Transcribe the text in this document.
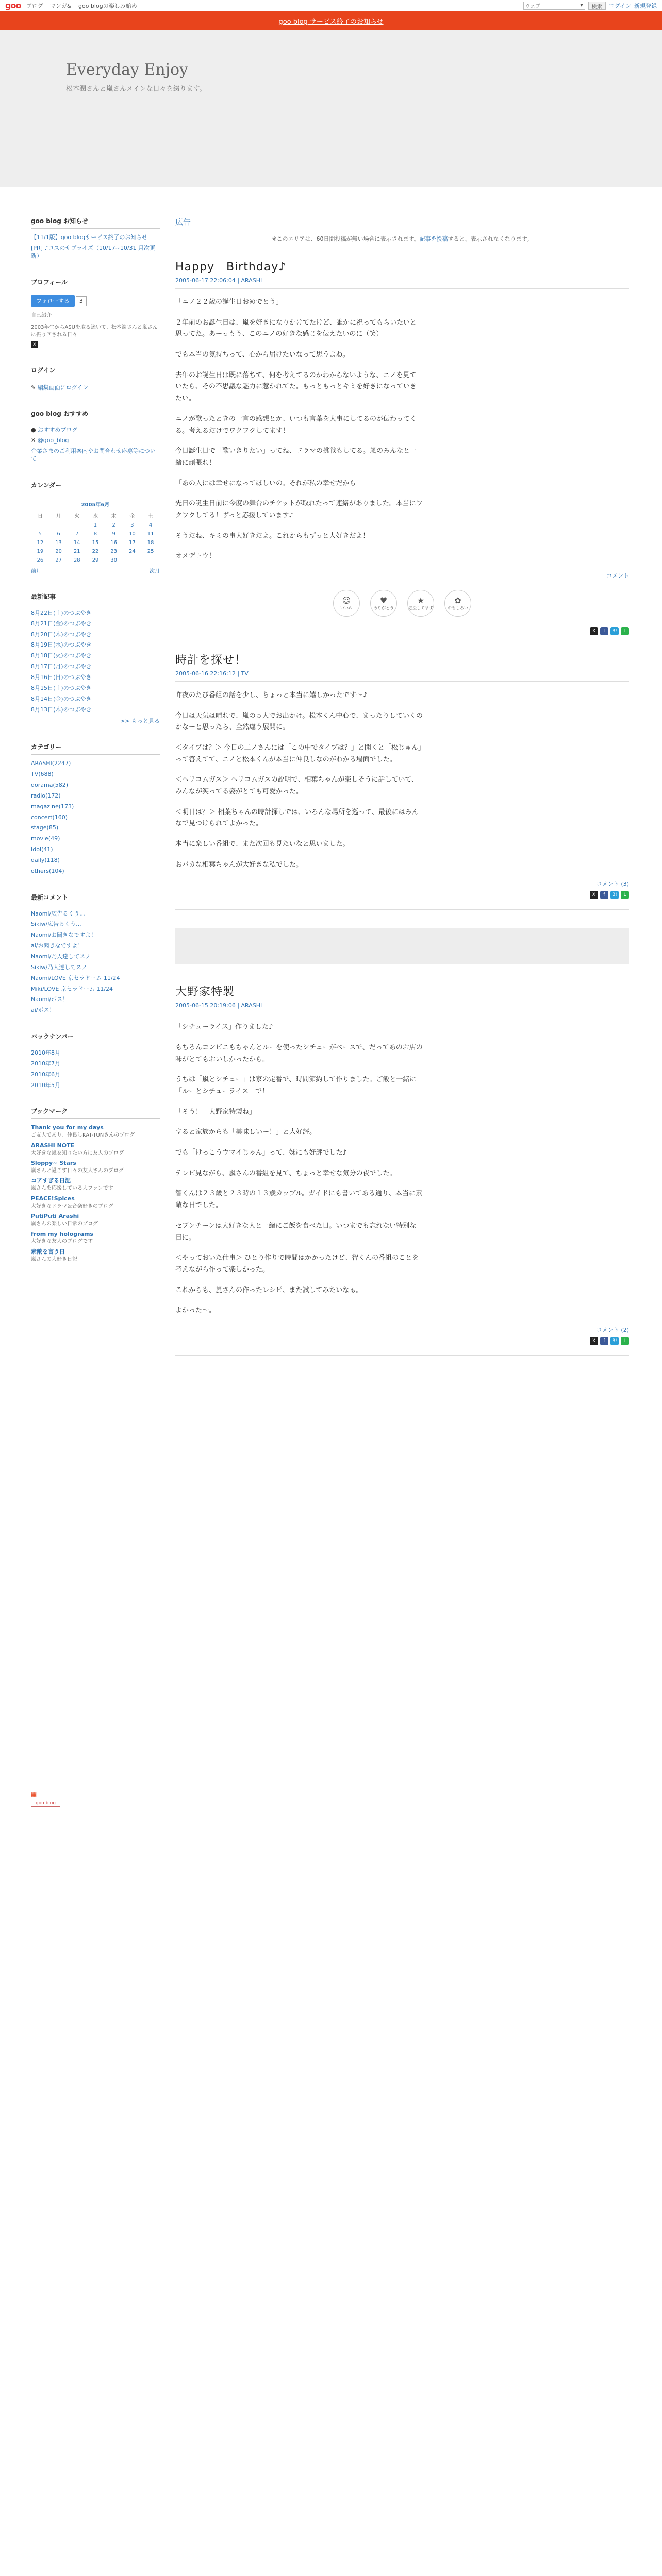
goo ブログ マンガ& goo blogの楽しみ始め	ウェブ	▾	検索	ログイン 新規登録
goo blog サービス終了のお知らせ
Everyday Enjoy

松本潤さんと嵐さんメインな日々を綴ります。

goo blog お知らせ
【11/1版】goo blogサービス終了のお知らせ
[PR] ♪コスのサプライズ（10/17~10/31 月次更新）
プロフィール
フォローする 3
自己紹介
2003年生からASUを取る迷いて、松本潤さんと嵐さんに振り回される日々
X
ログイン
✎ 編集画面にログイン
goo blog おすすめ
● おすすめブログ
✕ @goo_blog
企業さまのご利用案内やお問合わせ応募等について
カレンダー
2005年6月
日	月	火	水	木	金	土
			1	2	3	4
5	6	7	8	9	10	11
12	13	14	15	16	17	18
19	20	21	22	23	24	25
26	27	28	29	30		
前月	次月
最新記事
8月22日(土)のつぶやき
8月21日(金)のつぶやき
8月20日(木)のつぶやき
8月19日(水)のつぶやき
8月18日(火)のつぶやき
8月17日(月)のつぶやき
8月16日(日)のつぶやき
8月15日(土)のつぶやき
8月14日(金)のつぶやき
8月13日(木)のつぶやき
>> もっと見る
カテゴリー
ARASHI(2247)
TV(688)
dorama(582)
radio(172)
magazine(173)
concert(160)
stage(85)
movie(49)
Idol(41)
daily(118)
others(104)
最新コメント
Naomi/広告るくう...
Sikiw/広告るくう...
Naomi/お聞きなですよ！
ai/お聞きなですよ！
Naomi/乃人達してスノ
Sikiw/乃人達してスノ
Naomi/LOVE 京セラドーム 11/24
Miki/LOVE 京セラドーム 11/24
Naomi/ボス！
ai/ボス！
バックナンバー
2010年8月
2010年7月
2010年6月
2010年5月
ブックマーク
Thank you for my days
ご友人であり、仲良しKAT-TUNさんのブログ
ARASHI NOTE
大好きな嵐を知りたい方に友人のブログ
Sloppy~ Stars
嵐さんと過ごす日々の友人さんのブログ
コアすぎる日記
嵐さんを応援している大ファンです
PEACE!Spices
大好きなドラマ＆音楽好きのブログ
PutiPuti Arashi
嵐さんの楽しい日常のブログ
from my holograms
大好きな友人のブログです
素敵を言う日
嵐さんの大好き日記
▦
goo blog
広告
※このエリアは、60日間投稿が無い場合に表示されます。記事を投稿すると、表示されなくなります。
Happy　Birthday♪
2005-06-17 22:06:04 | ARASHI

「ニノ２２歳の誕生日おめでとう」

２年前のお誕生日は、嵐を好きになりかけてたけど、誰かに祝ってもらいたいと思ってた。あーっもう、このニノの好きな感じを伝えたいのに（笑）

でも本当の気持ちって、心から届けたいなって思うよね。

去年のお誕生日は既に落ちて、何を考えてるのかわからないような、ニノを見ていたら、その不思議な魅力に惹かれてた。もっともっとキミを好きになっていきたい。

ニノが歌ったときの一言の感想とか、いつも言葉を大事にしてるのが伝わってくる。考えるだけでワクワクしてます！

今日誕生日で「歌いきりたい」ってね、ドラマの挑戦もしてる。嵐のみんなと一緒に頑張れ！

「あの人には幸せになってほしいの。それが私の幸せだから」

先日の誕生日前に今度の舞台のチケットが取れたって連絡がありました。本当にワクワクしてる！ずっと応援しています♪

そうだね、キミの事大好きだよ。これからもずっと大好きだよ！

オメデトウ！

コメント
☺
いいね
♥
ありがとう
★
応援してます
✿
おもしろい
X	f	B!	L
時計を探せ！
2005-06-16 22:16:12 | TV

昨夜のたび番組の話を少し、ちょっと本当に嬉しかったです〜♪

今日は天気は晴れで、嵐の５人でお出かけ。松本くん中心で、まったりしていくのかなーと思ったら、全然違う展開に。

＜タイプは？＞ 今日の二ノさんには「この中でタイプは？」と聞くと「松じゅん」って答えてて、ニノと松本くんが本当に仲良しなのがわかる場面でした。

＜ヘリコムガス＞ ヘリコムガスの説明で、相葉ちゃんが楽しそうに話していて、みんなが笑ってる姿がとても可愛かった。

＜明日は？＞ 相葉ちゃんの時計探しでは、いろんな場所を巡って、最後にはみんなで見つけられてよかった。

本当に楽しい番組で、また次回も見たいなと思いました。

おバカな相葉ちゃんが大好きな私でした。

コメント (3)
X	f	B!	L
大野家特製
2005-06-15 20:19:06 | ARASHI

「シチューライス」作りました♪

もちろんコンビニもちゃんとルーを使ったシチューがベースで、だってあのお店の味がとてもおいしかったから。

うちは「嵐とシチュー」は家の定番で、時間節約して作りました。ご飯と一緒に「ルーとシチューライス」で！

「そう！　大野家特製ね」

すると家族からも「美味しいー！」と大好評。

でも「けっこうウマイじゃん」って、妹にも好評でした♪

テレビ見ながら、嵐さんの番組を見て、ちょっと幸せな気分の夜でした。

智くんは２３歳と２３時の１３歳カップル。ガイドにも書いてある通り、本当に素敵な日でした。

セブンチーンは大好きな人と一緒にご飯を食べた日。いつまでも忘れない特別な日に。

＜やっておいた仕事＞ ひとり作りで時間はかかったけど、智くんの番組のことを考えながら作って楽しかった。

これからも、嵐さんの作ったレシピ、また試してみたいなぁ。

よかった〜。

コメント (2)
X	f	B!	L
